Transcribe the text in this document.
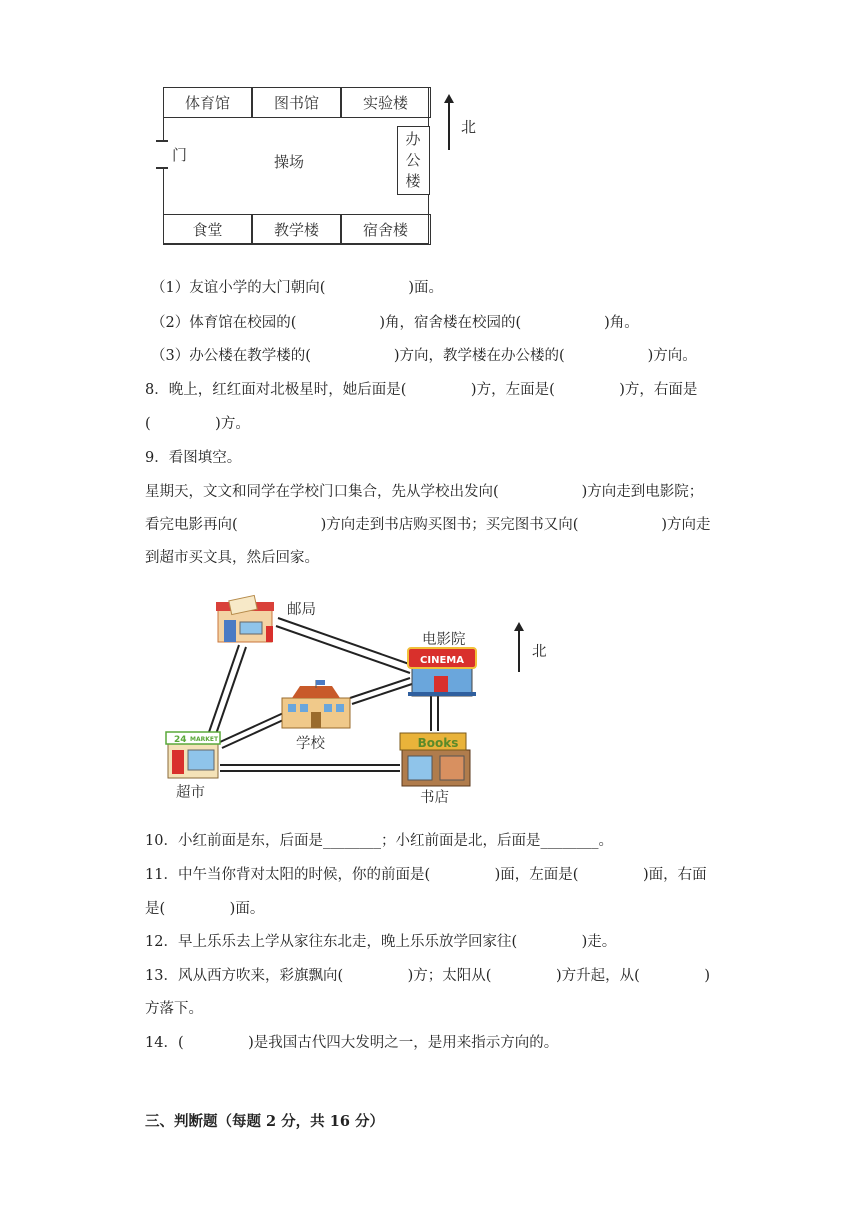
体育馆	图书馆	实验楼
食堂	教学楼	宿舍楼
办
公
楼
操场
门
北
（1）友谊小学的大门朝向(                  )面。
（2）体育馆在校园的(                  )角，宿舍楼在校园的(                  )角。
（3）办公楼在教学楼的(                  )方向，教学楼在办公楼的(                  )方向。
8．晚上，红红面对北极星时，她后面是(              )方，左面是(              )方，右面是
(              )方。
9．看图填空。
星期天，文文和同学在学校门口集合，先从学校出发向(                  )方向走到电影院；
看完电影再向(                  )方向走到书店购买图书；买完图书又向(                  )方向走
到超市买文具，然后回家。
CINEMA
24 MARKET	Books
邮局
电影院
学校
超市	书店
北
10．小红前面是东，后面是________；小红前面是北，后面是________。
11．中午当你背对太阳的时候，你的前面是(              )面，左面是(              )面，右面
是(              )面。
12．早上乐乐去上学从家往东北走，晚上乐乐放学回家往(              )走。
13．风从西方吹来，彩旗飘向(              )方；太阳从(              )方升起，从(              )
方落下。
14．(              )是我国古代四大发明之一，是用来指示方向的。
三、判断题（每题 2 分，共 16 分）
